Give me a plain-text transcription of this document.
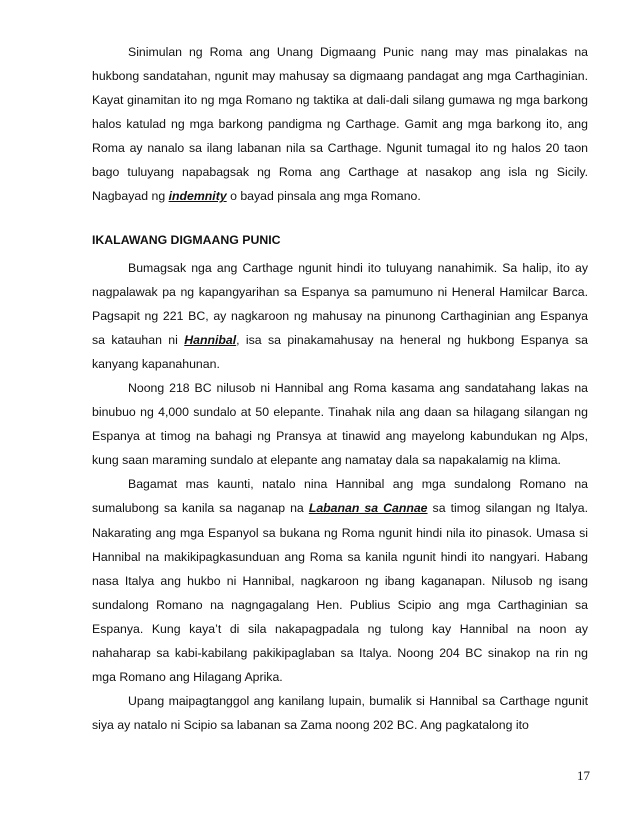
Sinimulan ng Roma ang Unang Digmaang Punic nang may mas pinalakas na hukbong sandatahan, ngunit may mahusay sa digmaang pandagat ang mga Carthaginian. Kayat ginamitan ito ng mga Romano ng taktika at dali-dali silang gumawa ng mga barkong halos katulad ng mga barkong pandigma ng Carthage. Gamit ang mga barkong ito, ang Roma ay nanalo sa ilang labanan nila sa Carthage. Ngunit tumagal ito ng halos 20 taon bago tuluyang napabagsak ng Roma ang Carthage at nasakop ang isla ng Sicily. Nagbayad ng indemnity o bayad pinsala ang mga Romano.

IKALAWANG DIGMAANG PUNIC

Bumagsak nga ang Carthage ngunit hindi ito tuluyang nanahimik. Sa halip, ito ay nagpalawak pa ng kapangyarihan sa Espanya sa pamumuno ni Heneral Hamilcar Barca. Pagsapit ng 221 BC, ay nagkaroon ng mahusay na pinunong Carthaginian ang Espanya sa katauhan ni Hannibal, isa sa pinakamahusay na heneral ng hukbong Espanya sa kanyang kapanahunan.

Noong 218 BC nilusob ni Hannibal ang Roma kasama ang sandatahang lakas na binubuo ng 4,000 sundalo at 50 elepante. Tinahak nila ang daan sa hilagang silangan ng Espanya at timog na bahagi ng Pransya at tinawid ang mayelong kabundukan ng Alps, kung saan maraming sundalo at elepante ang namatay dala sa napakalamig na klima.

Bagamat mas kaunti, natalo nina Hannibal ang mga sundalong Romano na sumalubong sa kanila sa naganap na Labanan sa Cannae sa timog silangan ng Italya. Nakarating ang mga Espanyol sa bukana ng Roma ngunit hindi nila ito pinasok. Umasa si Hannibal na makikipagkasunduan ang Roma sa kanila ngunit hindi ito nangyari. Habang nasa Italya ang hukbo ni Hannibal, nagkaroon ng ibang kaganapan. Nilusob ng isang sundalong Romano na nagngagalang Hen. Publius Scipio ang mga Carthaginian sa Espanya. Kung kaya’t di sila nakapagpadala ng tulong kay Hannibal na noon ay nahaharap sa kabi-kabilang pakikipaglaban sa Italya. Noong 204 BC sinakop na rin ng mga Romano ang Hilagang Aprika.

Upang maipagtanggol ang kanilang lupain, bumalik si Hannibal sa Carthage ngunit siya ay natalo ni Scipio sa labanan sa Zama noong 202 BC. Ang pagkatalong ito

17
